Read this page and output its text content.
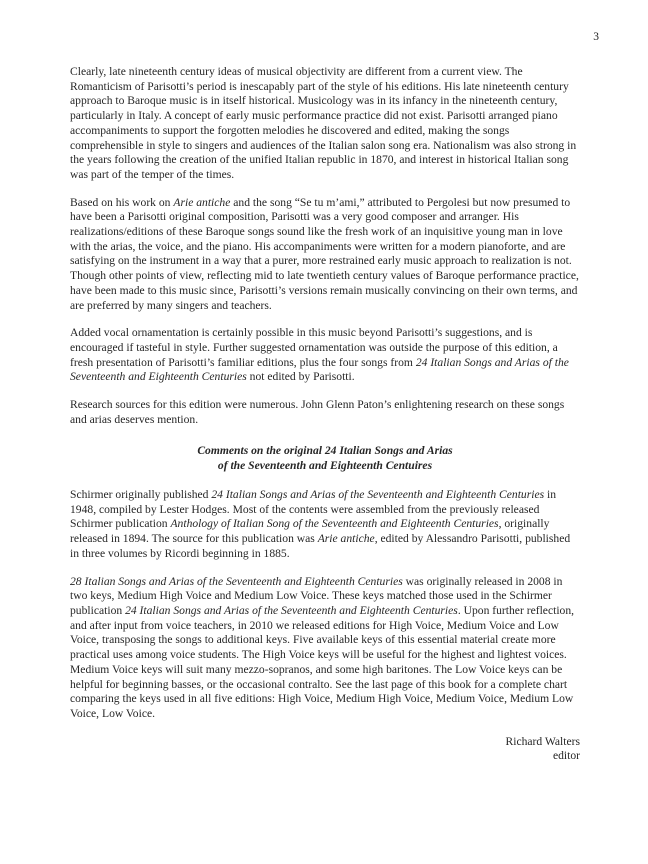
3

Clearly, late nineteenth century ideas of musical objectivity are different from a current view. The Romanticism of Parisotti’s period is inescapably part of the style of his editions. His late nineteenth century approach to Baroque music is in itself historical. Musicology was in its infancy in the nineteenth century, particularly in Italy. A concept of early music performance practice did not exist. Parisotti arranged piano accompaniments to support the forgotten melodies he discovered and edited, making the songs comprehensible in style to singers and audiences of the Italian salon song era. Nationalism was also strong in the years following the creation of the unified Italian republic in 1870, and interest in historical Italian song was part of the temper of the times.

Based on his work on Arie antiche and the song “Se tu m’ami,” attributed to Pergolesi but now presumed to have been a Parisotti original composition, Parisotti was a very good composer and arranger. His realizations/editions of these Baroque songs sound like the fresh work of an inquisitive young man in love with the arias, the voice, and the piano. His accompaniments were written for a modern pianoforte, and are satisfying on the instrument in a way that a purer, more restrained early music approach to realization is not. Though other points of view, reflecting mid to late twentieth century values of Baroque performance practice, have been made to this music since, Parisotti’s versions remain musically convincing on their own terms, and are preferred by many singers and teachers.

Added vocal ornamentation is certainly possible in this music beyond Parisotti’s suggestions, and is encouraged if tasteful in style. Further suggested ornamentation was outside the purpose of this edition, a fresh presentation of Parisotti’s familiar editions, plus the four songs from 24 Italian Songs and Arias of the Seventeenth and Eighteenth Centuries not edited by Parisotti.

Research sources for this edition were numerous. John Glenn Paton’s enlightening research on these songs and arias deserves mention.

Comments on the original 24 Italian Songs and Arias
of the Seventeenth and Eighteenth Centuires

Schirmer originally published 24 Italian Songs and Arias of the Seventeenth and Eighteenth Centuries in 1948, compiled by Lester Hodges. Most of the contents were assembled from the previously released Schirmer publication Anthology of Italian Song of the Seventeenth and Eighteenth Centuries, originally released in 1894. The source for this publication was Arie antiche, edited by Alessandro Parisotti, published in three volumes by Ricordi beginning in 1885.

28 Italian Songs and Arias of the Seventeenth and Eighteenth Centuries was originally released in 2008 in two keys, Medium High Voice and Medium Low Voice. These keys matched those used in the Schirmer publication 24 Italian Songs and Arias of the Seventeenth and Eighteenth Centuries. Upon further reflection, and after input from voice teachers, in 2010 we released editions for High Voice, Medium Voice and Low Voice, transposing the songs to additional keys. Five available keys of this essential material create more practical uses among voice students. The High Voice keys will be useful for the highest and lightest voices. Medium Voice keys will suit many mezzo-sopranos, and some high baritones. The Low Voice keys can be helpful for beginning basses, or the occasional contralto. See the last page of this book for a complete chart comparing the keys used in all five editions: High Voice, Medium High Voice, Medium Voice, Medium Low Voice, Low Voice.

Richard Walters
editor
